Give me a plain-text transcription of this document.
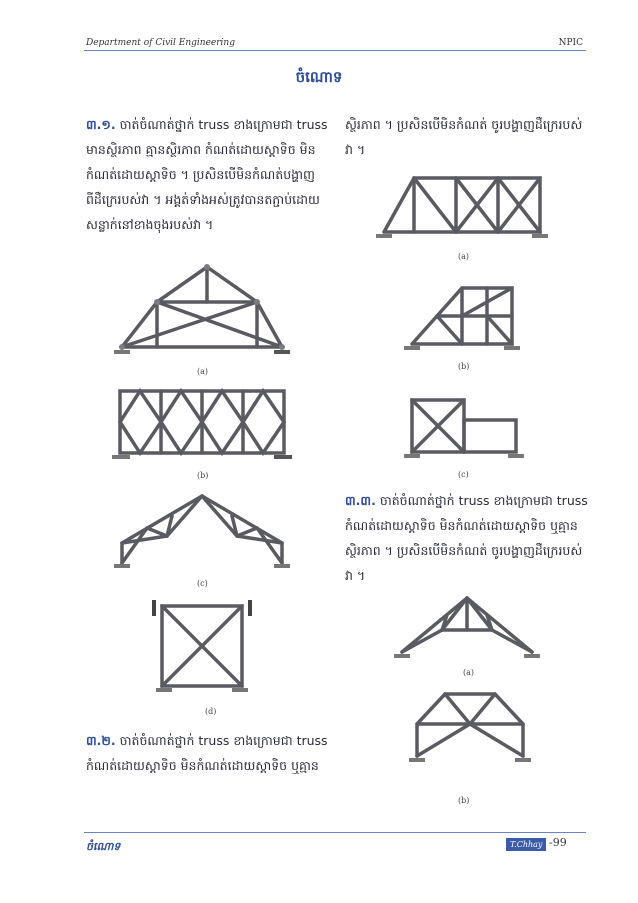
Department of Civil Engineering	NPIC
ចំណោទ
៣.១. ចាត់ចំណាត់ថ្នាក់ truss ខាងក្រោមជា truss
មានស្ថិរភាព គ្មានស្ថិរភាព កំណត់ដោយស្តាទិច មិន
កំណត់ដោយស្តាទិច ។ ប្រសិនបើមិនកំណត់បង្ហាញ
ពីដឺក្រេរបស់វា ។ អង្គត់ទាំងអស់ត្រូវបានតភ្ជាប់ដោយ
សន្លាក់នៅខាងចុងរបស់វា ។
(a)
(b)
(c)
(d)
៣.២. ចាត់ចំណាត់ថ្នាក់ truss ខាងក្រោមជា truss
កំណត់ដោយស្តាទិច មិនកំណត់ដោយស្តាទិច ឬគ្មាន
ស្ថិរភាព ។ ប្រសិនបើមិនកំណត់ ចូរបង្ហាញដឺក្រេរបស់
វា ។
(a)
(b)
(c)
៣.៣. ចាត់ចំណាត់ថ្នាក់ truss ខាងក្រោមជា truss
កំណត់ដោយស្តាទិច មិនកំណត់ដោយស្តាទិច ឬគ្មាន
ស្ថិរភាព ។ ប្រសិនបើមិនកំណត់ ចូរបង្ហាញដឺក្រេរបស់
វា ។
(a)
(b)
ចំណោទ	T.Chhay -99
